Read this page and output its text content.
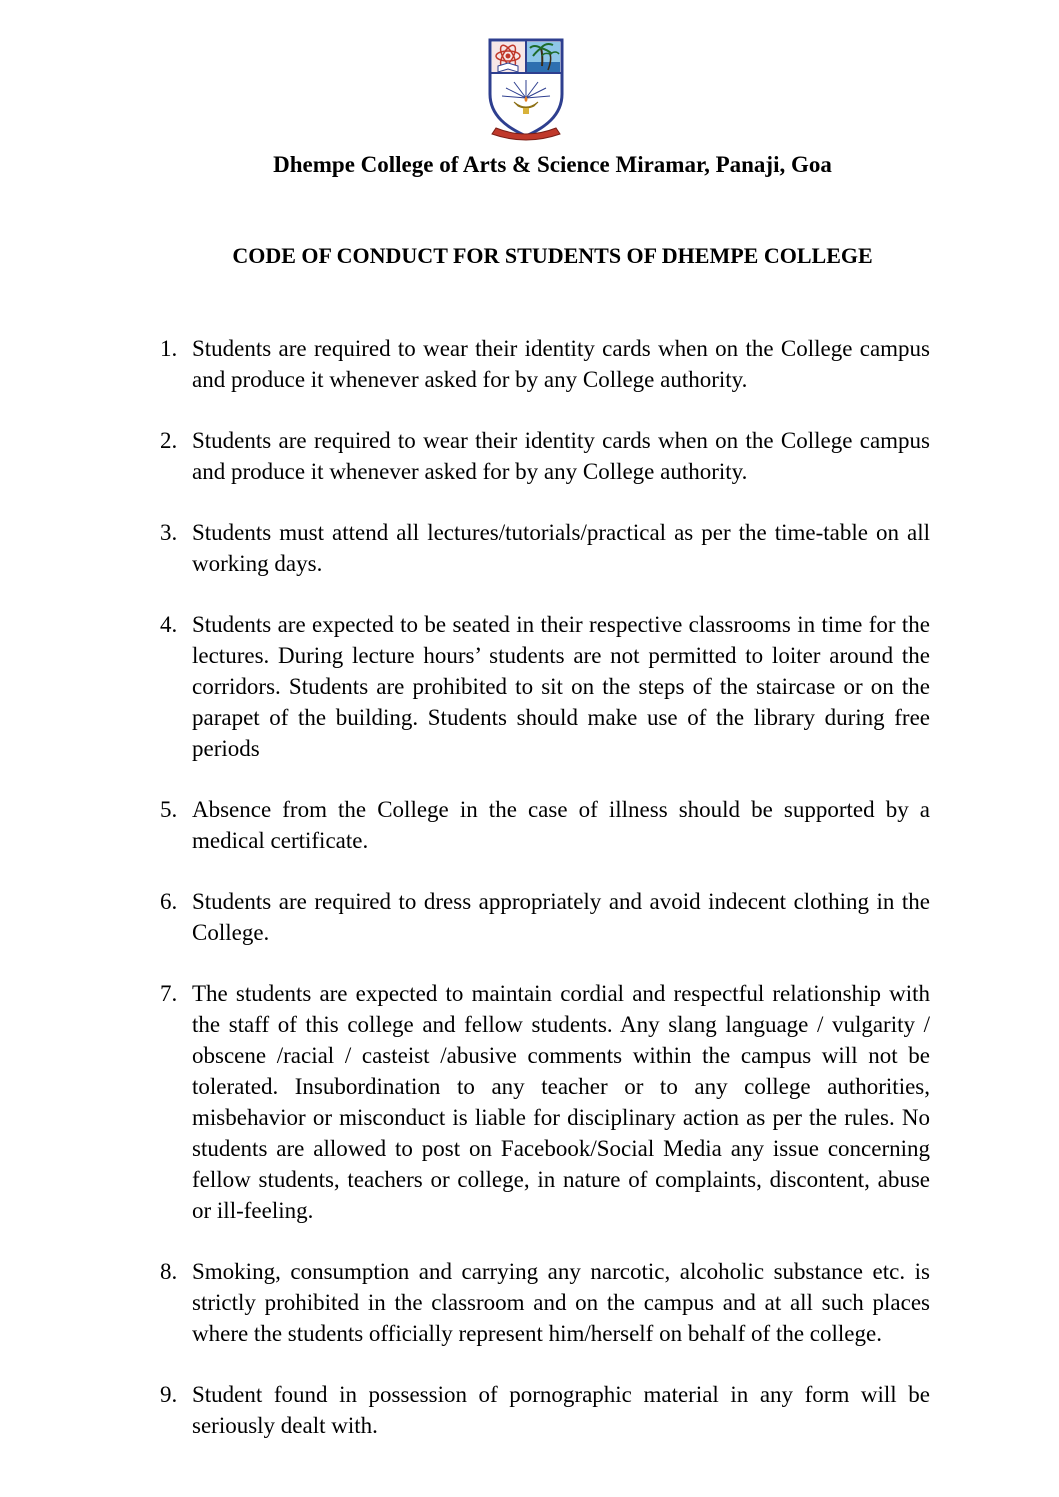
Dhempe College of Arts & Science Miramar, Panaji, Goa
CODE OF CONDUCT FOR STUDENTS OF DHEMPE COLLEGE
1. Students are required to wear their identity cards when on the College campus and produce it whenever asked for by any College authority.
2. Students are required to wear their identity cards when on the College campus and produce it whenever asked for by any College authority.
3. Students must attend all lectures/tutorials/practical as per the time-table on all working days.
4. Students are expected to be seated in their respective classrooms in time for the lectures. During lecture hours’ students are not permitted to loiter around the corridors. Students are prohibited to sit on the steps of the staircase or on the parapet of the building. Students should make use of the library during free periods
5. Absence from the College in the case of illness should be supported by a medical certificate.
6. Students are required to dress appropriately and avoid indecent clothing in the College.
7. The students are expected to maintain cordial and respectful relationship with the staff of this college and fellow students. Any slang language / vulgarity / obscene /racial / casteist /abusive comments within the campus will not be tolerated. Insubordination to any teacher or to any college authorities, misbehavior or misconduct is liable for disciplinary action as per the rules. No students are allowed to post on Facebook/Social Media any issue concerning fellow students, teachers or college, in nature of complaints, discontent, abuse or ill-feeling.
8. Smoking, consumption and carrying any narcotic, alcoholic substance etc. is strictly prohibited in the classroom and on the campus and at all such places where the students officially represent him/herself on behalf of the college.
9. Student found in possession of pornographic material in any form will be seriously dealt with.
